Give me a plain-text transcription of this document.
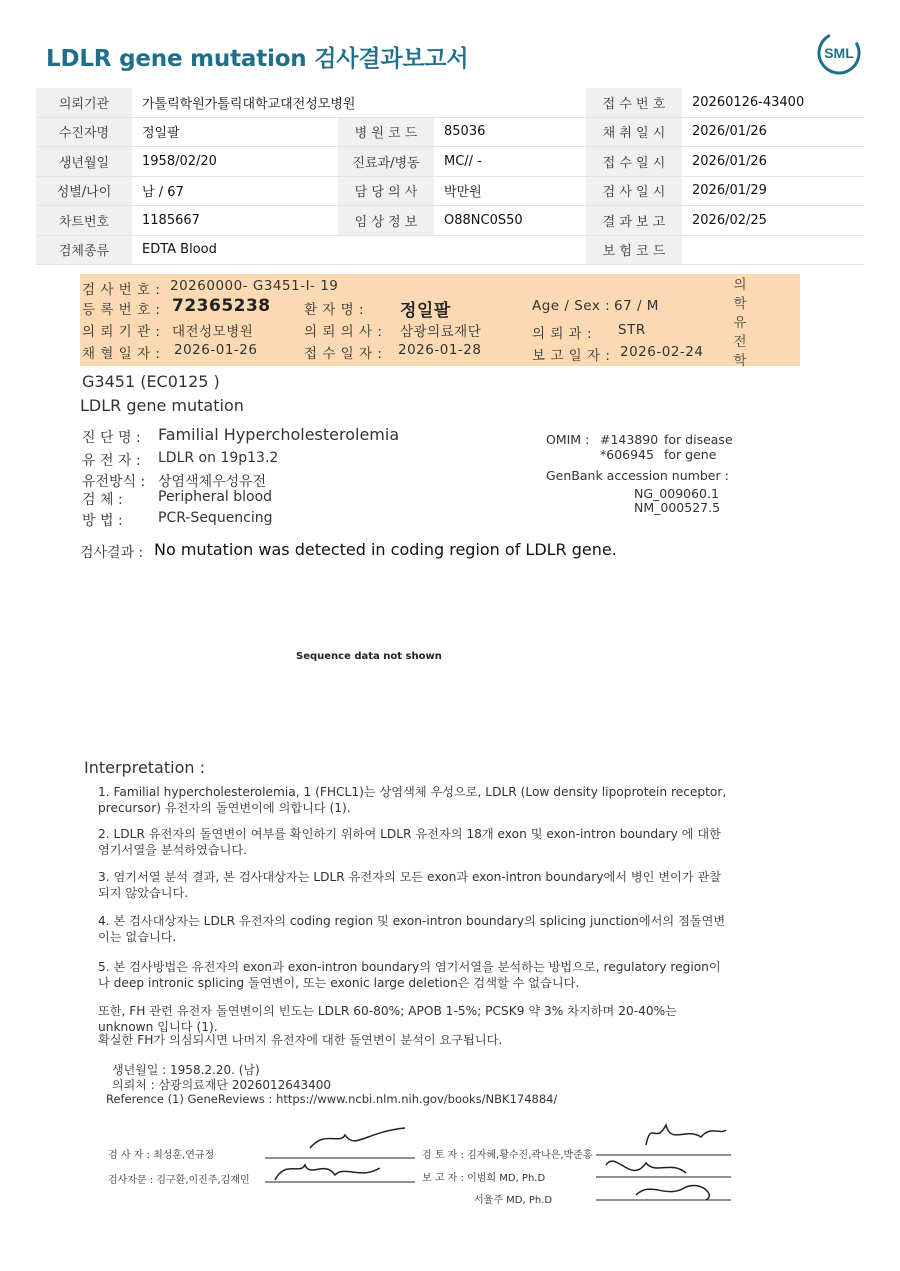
LDLR gene mutation 검사결과보고서	SML
의뢰기관	가톨릭학원가톨릭대학교대전성모병원			접 수 번 호	20260126-43400
수진자명	정일팔	병 원 코 드	85036	채 취 일 시	2026/01/26
생년월일	1958/02/20	진료과/병동	MC// -	접 수 일 시	2026/01/26
성별/나이	남 / 67	담 당 의 사	박만원	검 사 일 시	2026/01/29
차트번호	1185667	임 상 정 보	O88NC0S50	결 과 보 고	2026/02/25
검체종류	EDTA Blood			보 험 코 드	
검 사 번 호 : 20260000- G3451-I- 19
등 록 번 호 : 72365238 환 자 명 : 정일팔	Age / Sex : 67 / M
의 뢰 기 관 : 대전성모병원	의 뢰 의 사 : 삼광의료재단	의 뢰 과 : STR
채 혈 일 자 : 2026-01-26	접 수 일 자 : 2026-01-28	보 고 일 자 : 2026-02-24
의
학
유
전
학
G3451 (EC0125 )
LDLR gene mutation
진 단 명 : Familial Hypercholesterolemia
유 전 자 : LDLR on 19p13.2
유전방식 : 상염색체우성유전
검 체 :	Peripheral blood
방 법 :	PCR-Sequencing
OMIM : #143890 for disease
*606945 for gene
GenBank accession number :
NG_009060.1
NM_000527.5
검사결과 : No mutation was detected in coding region of LDLR gene.
Sequence data not shown
Interpretation :
1. Familial hypercholesterolemia, 1 (FHCL1)는 상염색체 우성으로, LDLR (Low density lipoprotein receptor, precursor) 유전자의 돌연변이에 의합니다 (1).
2. LDLR 유전자의 돌연변이 여부를 확인하기 위하여 LDLR 유전자의 18개 exon 및 exon-intron boundary 에 대한 염기서열을 분석하였습니다.
3. 염기서열 분석 결과, 본 검사대상자는 LDLR 유전자의 모든 exon과 exon-intron boundary에서 병인 변이가 관찰되지 않았습니다.
4. 본 검사대상자는 LDLR 유전자의 coding region 및 exon-intron boundary의 splicing junction에서의 점돌연변이는 없습니다.
5. 본 검사방법은 유전자의 exon과 exon-intron boundary의 염기서열을 분석하는 방법으로, regulatory region이나 deep intronic splicing 돌연변이, 또는 exonic large deletion은 검색할 수 없습니다.
또한, FH 관련 유전자 돌연변이의 빈도는 LDLR 60-80%; APOB 1-5%; PCSK9 약 3% 차지하며 20-40%는 unknown 입니다 (1).
확실한 FH가 의심되시면 나머지 유전자에 대한 돌연변이 분석이 요구됩니다.
생년월일 : 1958.2.20. (남)
의뢰처 : 삼광의료재단 2026012643400
Reference (1) GeneReviews : https://www.ncbi.nlm.nih.gov/books/NBK174884/
검 사 자 : 최성훈,연규정
검사자문 : 김구환,이진주,김재민
검 토 자 : 김자혜,황수진,곽나은,박준홍
보 고 자 : 이범희 MD, Ph.D
서율주 MD, Ph.D
